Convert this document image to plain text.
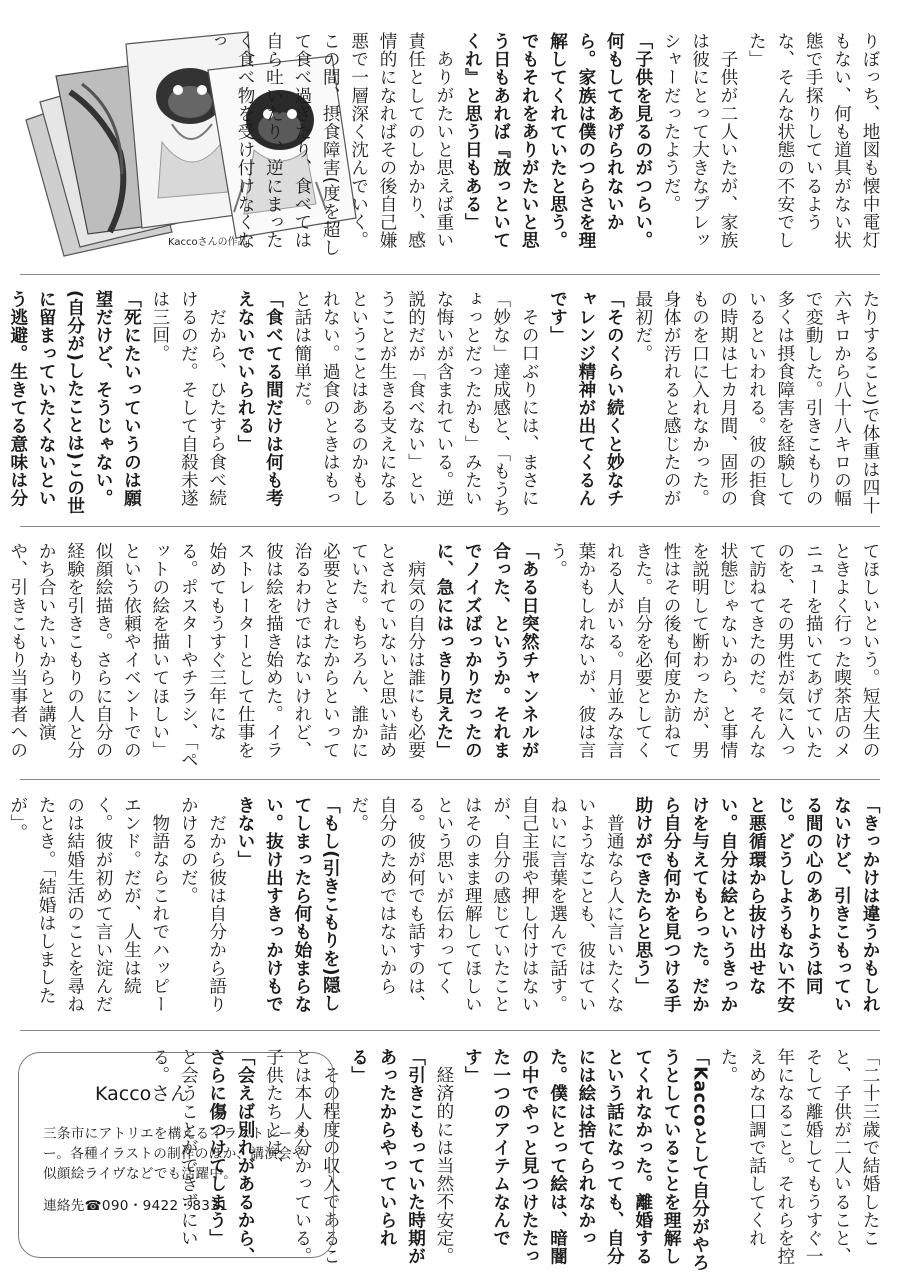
Kaccoさんの作品	りぼっち、地図も懐中電灯もない、何も道具がない状態で手探りしているような、そんな状態の不安でした」

子供が二人いたが、家族は彼にとって大きなプレッシャーだったようだ。

「子供を見るのがつらい。何もしてあげられないから。家族は僕のつらさを理解してくれていたと思う。でもそれをありがたいと思う日もあれば『放っといてくれ』と思う日もある」

ありがたいと思えば重い責任としてのしかかり、感情的になればその後自己嫌悪で一層深く沈んでいく。この間、摂食障害(度を超して食べ過ぎたり、食べては自ら吐いたり、逆にまったく食べ物を受け付けなくなっ

たりすること)で体重は四十六キロから八十八キロの幅で変動した。引きこもりの多くは摂食障害を経験しているといわれる。彼の拒食の時期は七カ月間、固形のものを口に入れなかった。身体が汚れると感じたのが最初だ。

「そのくらい続くと妙なチャレンジ精神が出てくるんです」

その口ぶりには、まさに「妙な」達成感と、「もうちょっとだったかも」みたいな悔いが含まれている。逆説的だが「食べない」ということが生きる支えになるということはあるのかもしれない。過食のときはもっと話は簡単だ。

「食べてる間だけは何も考えないでいられる」

だから、ひたすら食べ続けるのだ。そして自殺未遂は三回。

「死にたいっていうのは願望だけど、そうじゃない。(自分が)したことは)この世に留まっていたくないという逃避。生きてる意味は分

てほしいという。短大生のときよく行った喫茶店のメニューを描いてあげていたのを、その男性が気に入って訪ねてきたのだ。そんな状態じゃないから、と事情を説明して断わったが、男性はその後も何度か訪ねてきた。自分を必要としてくれる人がいる。月並みな言葉かもしれないが、彼は言う。

「ある日突然チャンネルが合った、というか。それまでノイズばっかりだったのに、急にはっきり見えた」

病気の自分は誰にも必要とされていないと思い詰めていた。もちろん、誰かに必要とされたからといって治るわけではないけれど、彼は絵を描き始めた。イラストレーターとして仕事を始めてもうすぐ三年になる。ポスターやチラシ、「ペットの絵を描いてほしい」という依頼やイベントでの似顔絵描き。さらに自分の経験を引きこもりの人と分かち合いたいからと講演や、引きこもり当事者への

「きっかけは違うかもしれないけど、引きこもっている間の心のありようは同じ。どうしようもない不安と悪循環から抜け出せない。自分は絵というきっかけを与えてもらった。だから自分も何かを見つける手助けができたらと思う」

普通なら人に言いたくないようなことも、彼はていねいに言葉を選んで話す。自己主張や押し付けはないが、自分の感じていたことはそのまま理解してほしいという思いが伝わってくる。彼が何でも話すのは、自分のためではないからだ。

「もし(引きこもりを)隠してしまったら何も始まらない。抜け出すきっかけもできない」

だから彼は自分から語りかけるのだ。

物語ならこれでハッピーエンド。だが、人生は続く。彼が初めて言い淀んだのは結婚生活のことを尋ねたとき。「結婚はしましたが」。

「二十三歳で結婚したこと、子供が二人いること、そして離婚してもうすぐ一年になること。それらを控えめな口調で話してくれた。

「Kaccoとして自分がやろうとしていることを理解してくれなかった。離婚するという話になっても、自分には絵は捨てられなかった。僕にとって絵は、暗闇の中でやっと見つけたたった一つのアイテムなんです」

経済的には当然不安定。

「引きこもっていた時期があったからやっていられる」

その程度の収入であることは本人も分かっている。子供たちとは、

「会えば別れがあるから、さらに傷つけてしまう」

と会うことができずにいる。

Kaccoさん
三条市にアトリエを構えるイラストレーター。各種イラストの制作のほか、講演会や似顔絵ライヴなどでも活躍中。
連絡先☎090・9422・8331
